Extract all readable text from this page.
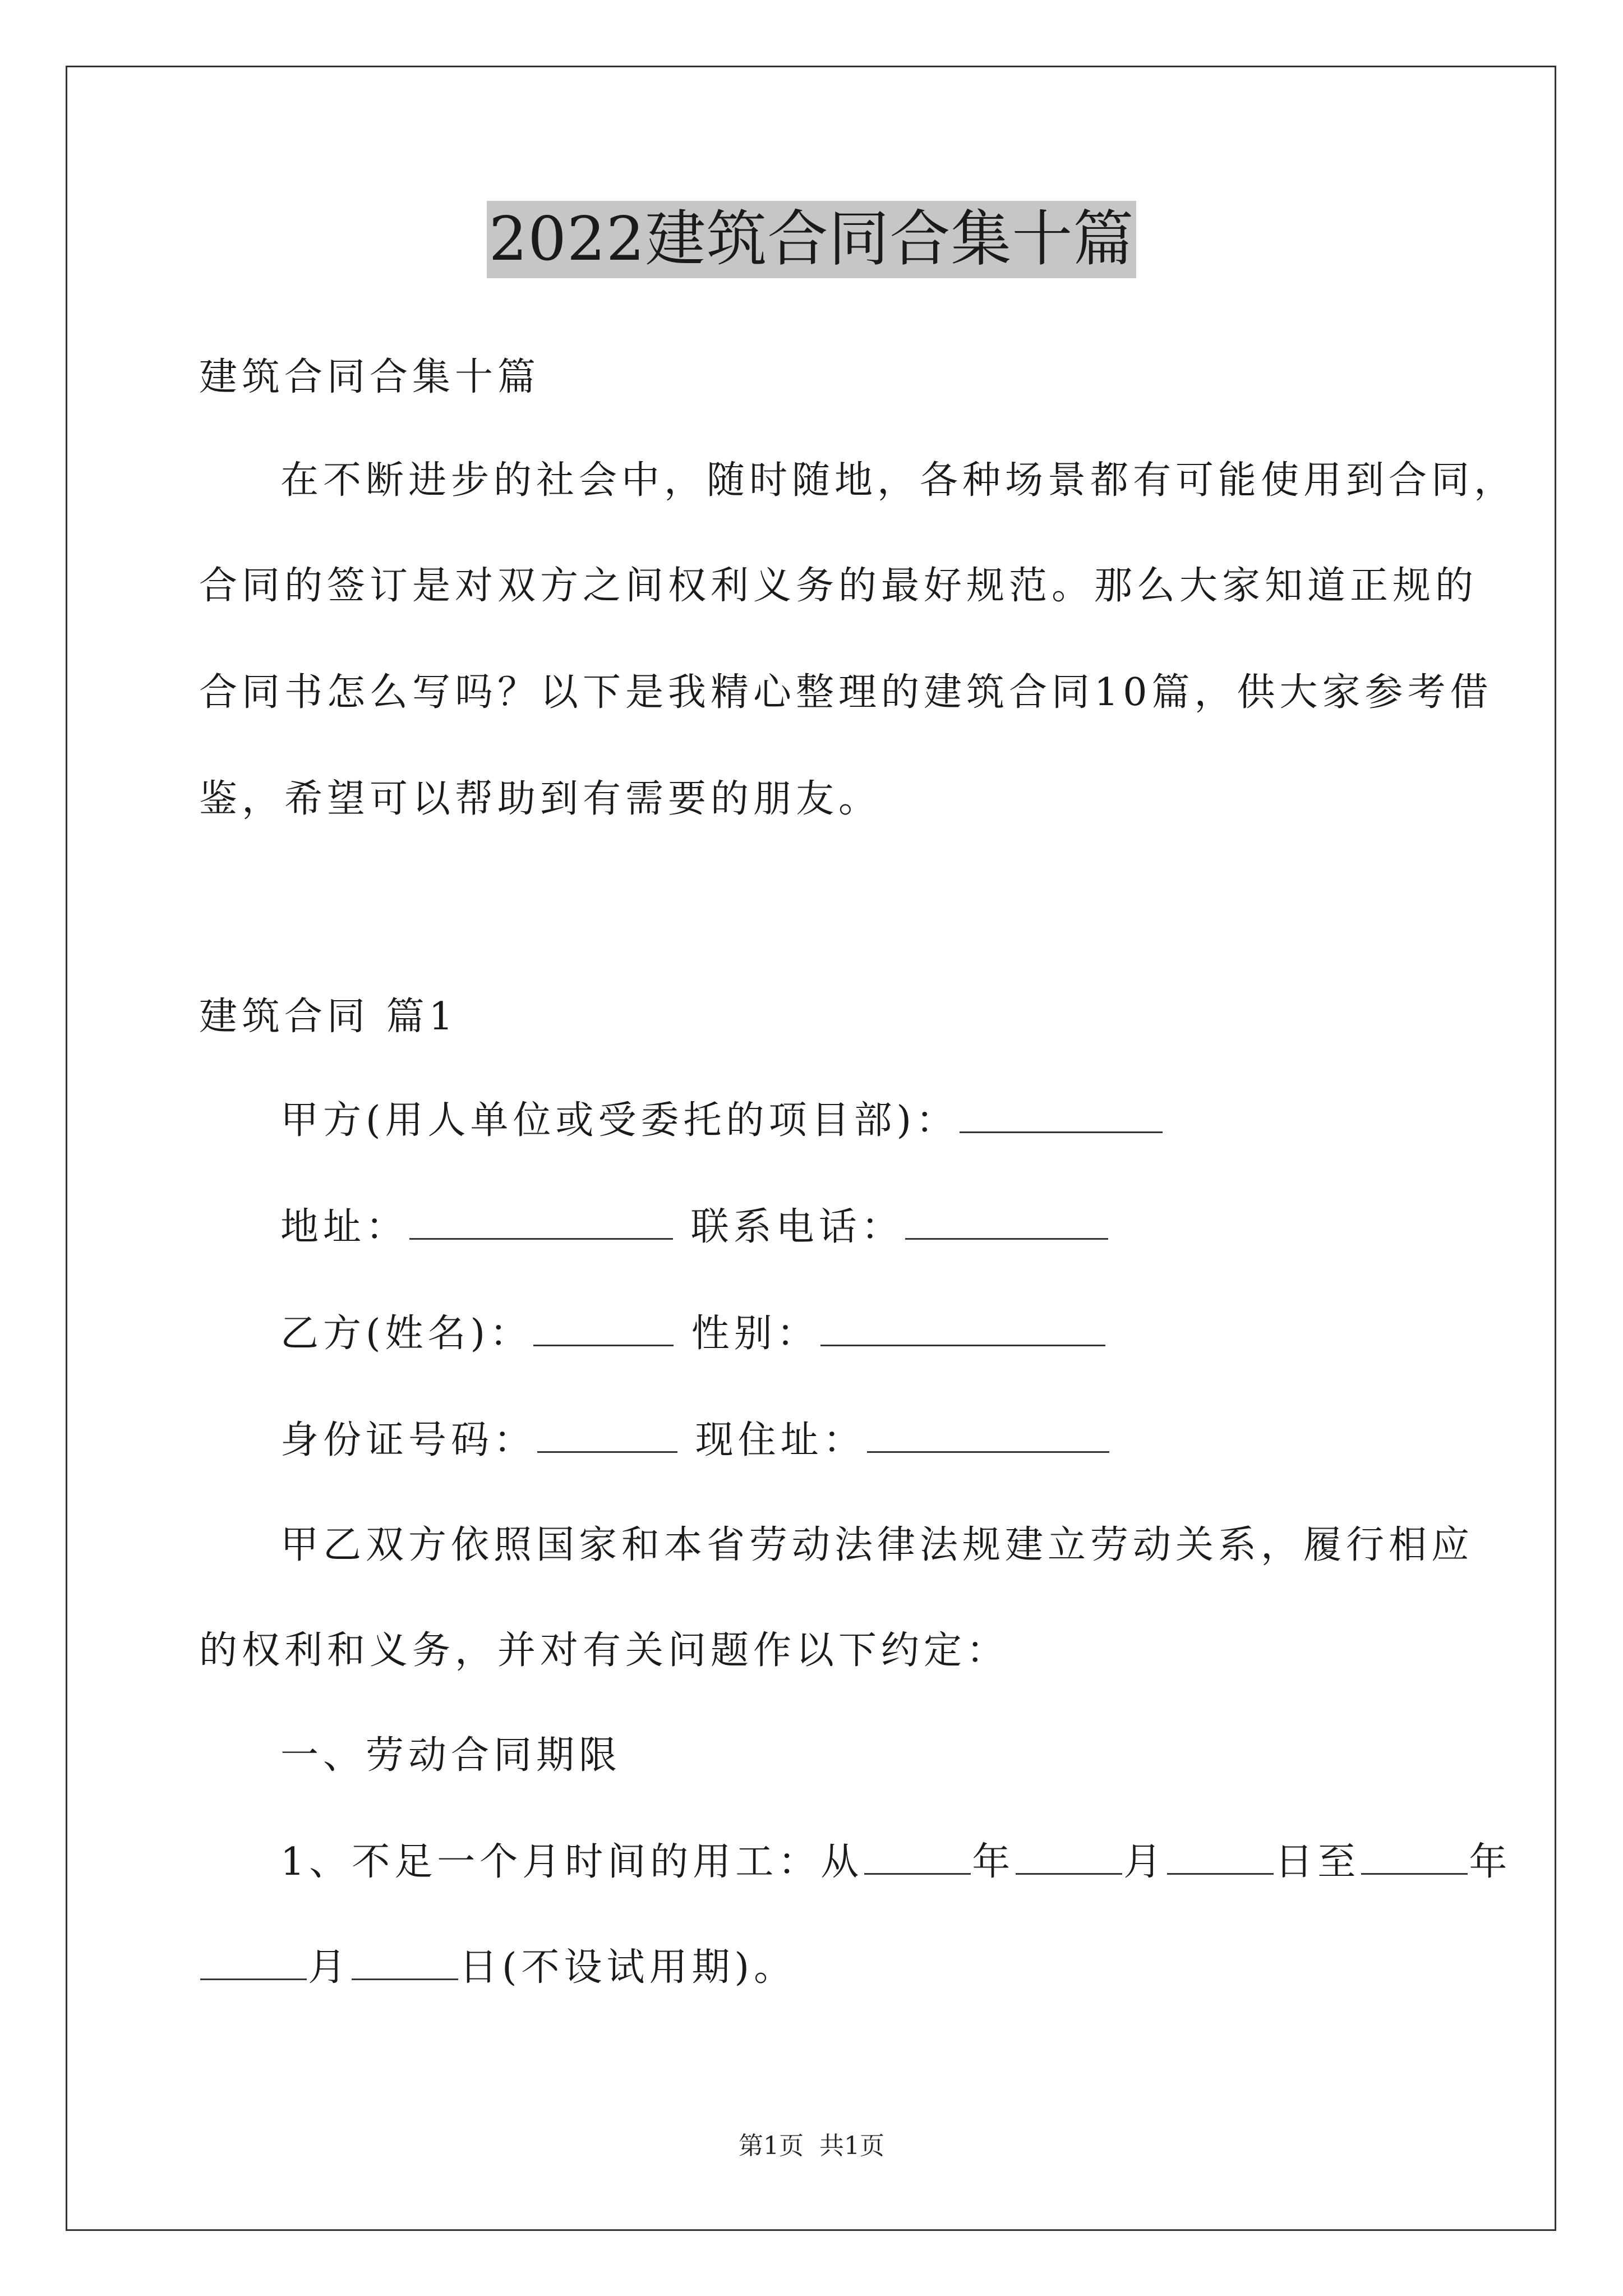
2022建筑合同合集十篇
建筑合同合集十篇
在不断进步的社会中，随时随地，各种场景都有可能使用到合同，
合同的签订是对双方之间权利义务的最好规范。那么大家知道正规的
合同书怎么写吗？以下是我精心整理的建筑合同10篇，供大家参考借
鉴，希望可以帮助到有需要的朋友。
建筑合同 篇1
甲方(用人单位或受委托的项目部)：
地址：	联系电话：
乙方(姓名)：	性别：
身份证号码：	现住址：
甲乙双方依照国家和本省劳动法律法规建立劳动关系，履行相应
的权利和义务，并对有关问题作以下约定：
一、劳动合同期限
1、不足一个月时间的用工：从	年	月	日至	年
月	日(不设试用期)。
第1页  共1页
